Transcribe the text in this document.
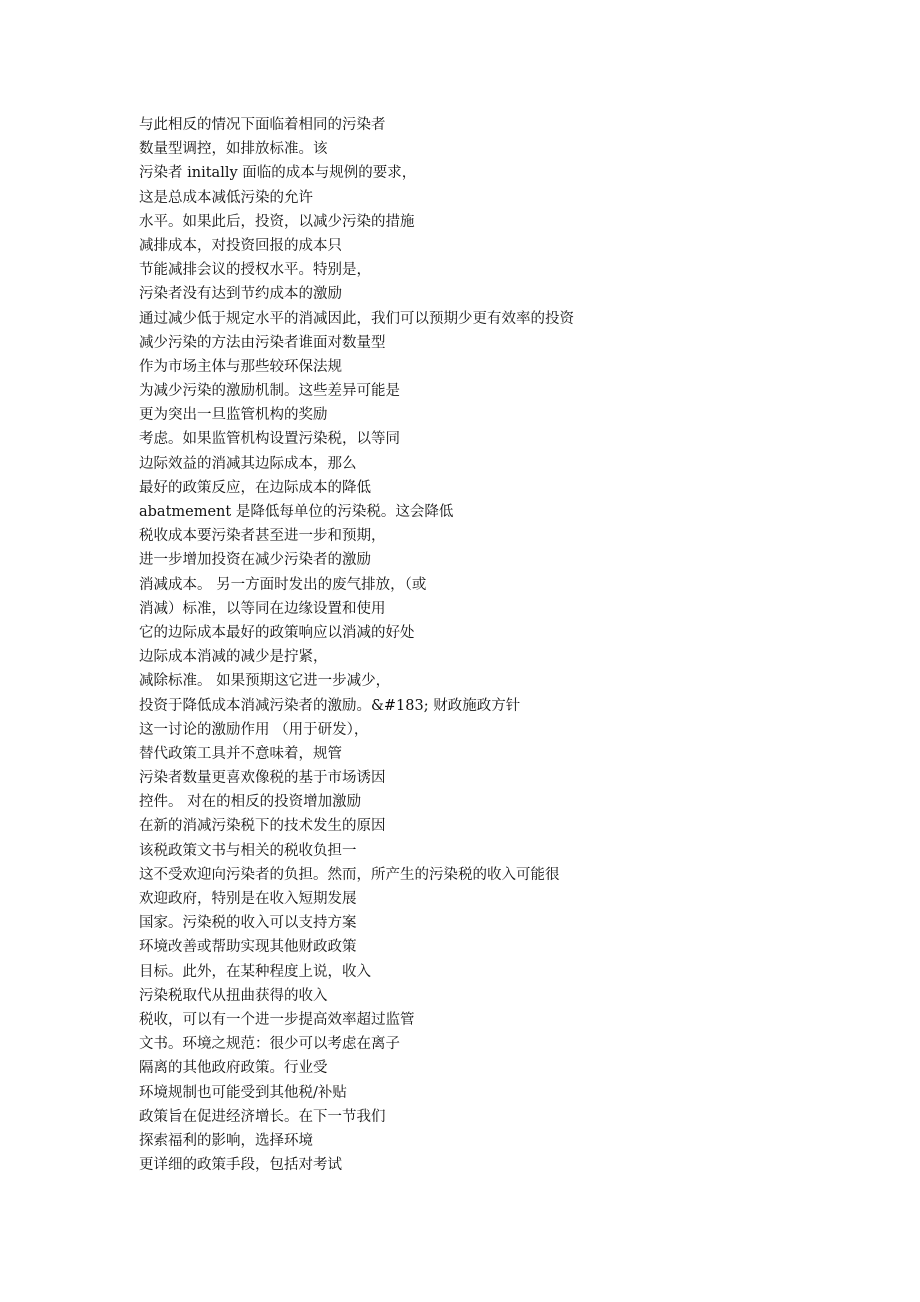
与此相反的情况下面临着相同的污染者
数量型调控，如排放标准。该
污染者 initally 面临的成本与规例的要求，
这是总成本减低污染的允许
水平。如果此后，投资，以减少污染的措施
减排成本，对投资回报的成本只
节能减排会议的授权水平。特别是，
污染者没有达到节约成本的激励
通过减少低于规定水平的消减因此，我们可以预期少更有效率的投资
减少污染的方法由污染者谁面对数量型
作为市场主体与那些较环保法规
为减少污染的激励机制。这些差异可能是
更为突出一旦监管机构的奖励
考虑。如果监管机构设置污染税，以等同
边际效益的消减其边际成本，那么
最好的政策反应，在边际成本的降低
abatmement 是降低每单位的污染税。这会降低
税收成本要污染者甚至进一步和预期，
进一步增加投资在减少污染者的激励
消减成本。 另一方面时发出的废气排放，（或
消减）标准，以等同在边缘设置和使用
它的边际成本最好的政策响应以消减的好处
边际成本消减的减少是拧紧，
减除标准。 如果预期这它进一步减少，
投资于降低成本消减污染者的激励。&#183; 财政施政方针
这一讨论的激励作用 （用于研发），
替代政策工具并不意味着，规管
污染者数量更喜欢像税的基于市场诱因
控件。 对在的相反的投资增加激励
在新的消减污染税下的技术发生的原因
该税政策文书与相关的税收负担一
这不受欢迎向污染者的负担。然而，所产生的污染税的收入可能很
欢迎政府，特别是在收入短期发展
国家。污染税的收入可以支持方案
环境改善或帮助实现其他财政政策
目标。此外，在某种程度上说，收入
污染税取代从扭曲获得的收入
税收，可以有一个进一步提高效率超过监管
文书。环境之规范：很少可以考虑在离子
隔离的其他政府政策。行业受
环境规制也可能受到其他税/补贴
政策旨在促进经济增长。在下一节我们
探索福利的影响，选择环境
更详细的政策手段，包括对考试
